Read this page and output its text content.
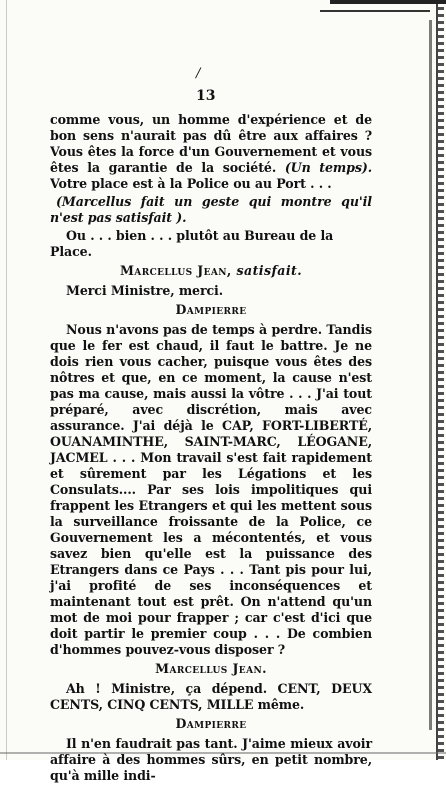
/
13

comme vous, un homme d'expérience et de bon sens n'aurait pas dû être aux affaires ? Vous êtes la force d'un Gouvernement et vous êtes la garantie de la société. (Un temps). Votre place est à la Police ou au Port . . .

(Marcellus fait un geste qui montre qu'il n'est pas satisfait ).

Ou . . . bien . . . plutôt au Bureau de la Place.

Marcellus Jean, satisfait.

Merci Ministre, merci.

Dampierre

Nous n'avons pas de temps à perdre. Tandis que le fer est chaud, il faut le battre. Je ne dois rien vous cacher, puisque vous êtes des nôtres et que, en ce moment, la cause n'est pas ma cause, mais aussi la vôtre . . . J'ai tout préparé, avec discrétion, mais avec assurance. J'ai déjà le CAP, FORT-LIBERTÉ, OUANAMINTHE, SAINT-MARC, LÉOGANE, JACMEL . . . Mon travail s'est fait rapidement et sûrement par les Légations et les Consulats.... Par ses lois impolitiques qui frappent les Etrangers et qui les mettent sous la surveillance froissante de la Police, ce Gouvernement les a mécontentés, et vous savez bien qu'elle est la puissance des Etrangers dans ce Pays . . . Tant pis pour lui, j'ai profité de ses inconséquences et maintenant tout est prêt. On n'attend qu'un mot de moi pour frapper ; car c'est d'ici que doit partir le premier coup . . . De combien d'hommes pouvez-vous disposer ?

Marcellus Jean.

Ah ! Ministre, ça dépend. CENT, DEUX CENTS, CINQ CENTS, MILLE même.

Dampierre

Il n'en faudrait pas tant. J'aime mieux avoir affaire à des hommes sûrs, en petit nombre, qu'à mille indi-
